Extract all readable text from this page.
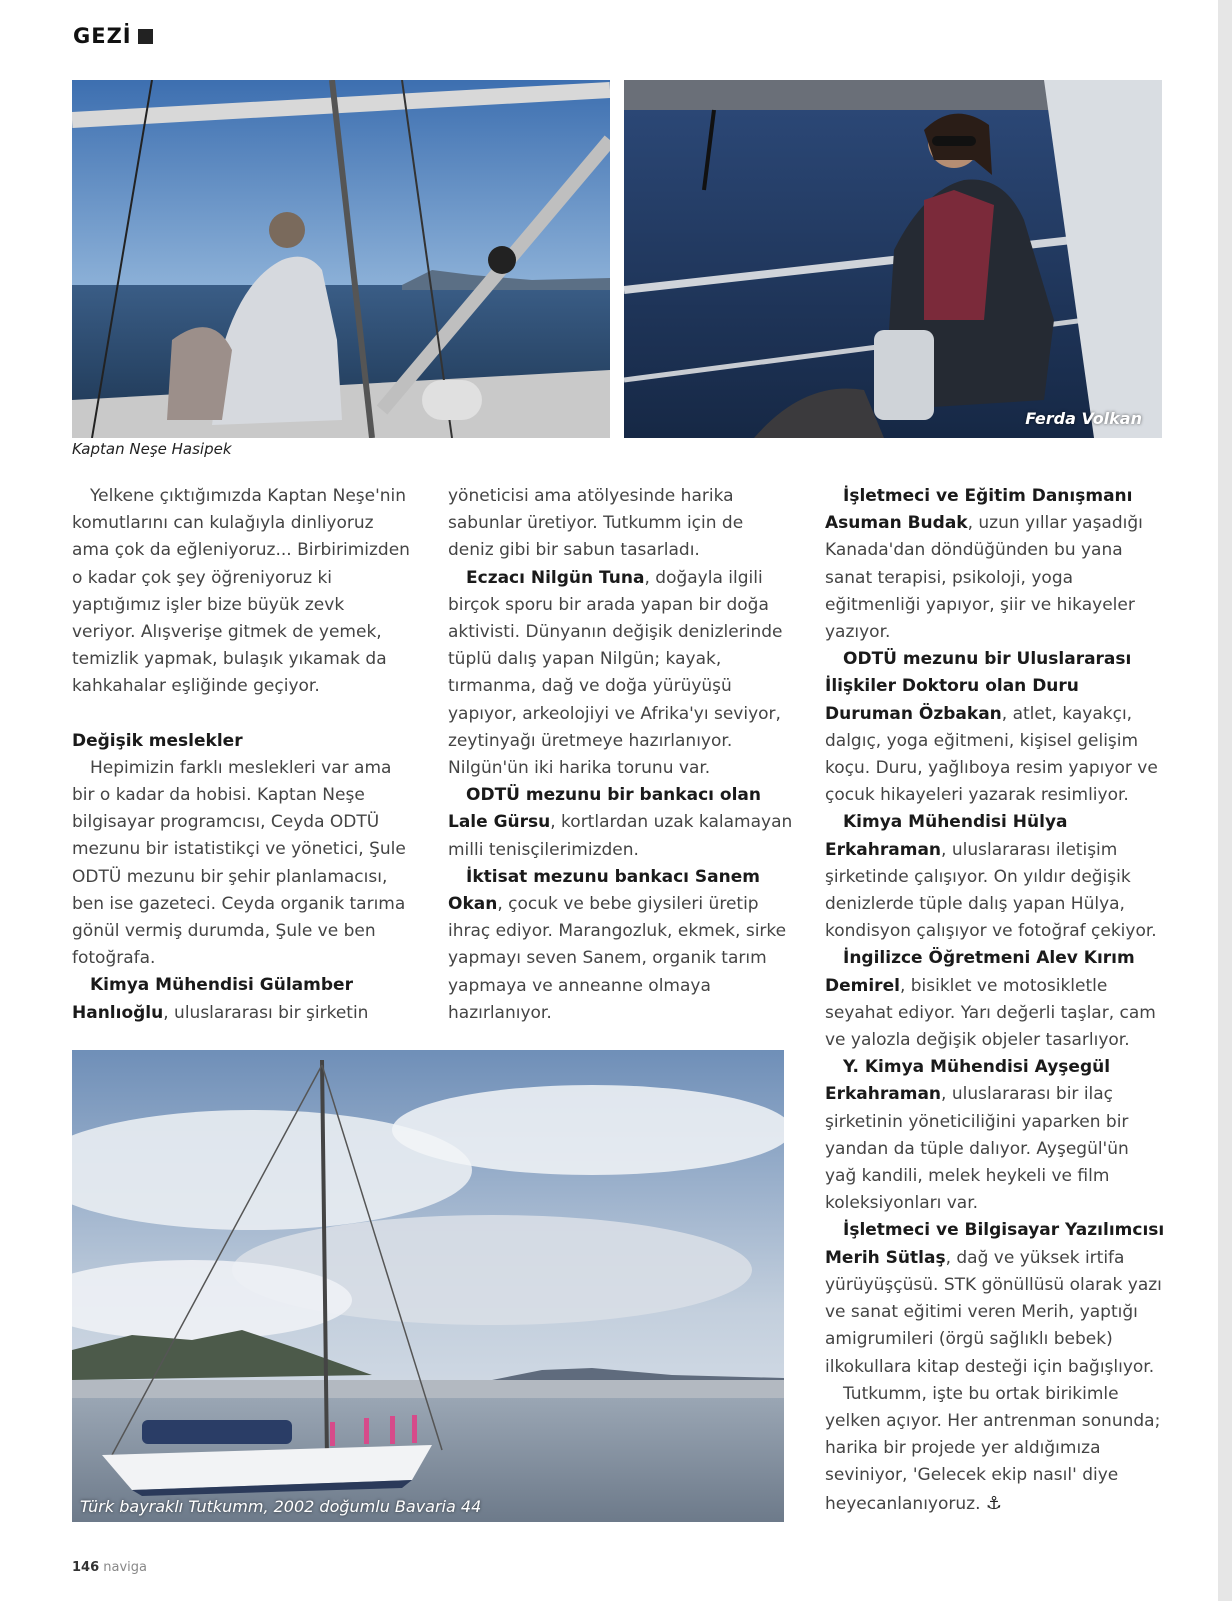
GEZİ
Kaptan Neşe Hasipek
Ferda Volkan

Yelkene çıktığımızda Kaptan Neşe'nin komutlarını can kulağıyla dinliyoruz ama çok da eğleniyoruz... Birbirimizden o kadar çok şey öğreniyoruz ki yaptığımız işler bize büyük zevk veriyor. Alışverişe gitmek de yemek, temizlik yapmak, bulaşık yıkamak da kahkahalar eşliğinde geçiyor.

Değişik meslekler

Hepimizin farklı meslekleri var ama bir o kadar da hobisi. Kaptan Neşe bilgisayar programcısı, Ceyda ODTÜ mezunu bir istatistikçi ve yönetici, Şule ODTÜ mezunu bir şehir planlamacısı, ben ise gazeteci. Ceyda organik tarıma gönül vermiş durumda, Şule ve ben fotoğrafa.

Kimya Mühendisi Gülamber Hanlıoğlu, uluslararası bir şirketin

yöneticisi ama atölyesinde harika sabunlar üretiyor. Tutkumm için de deniz gibi bir sabun tasarladı.

Eczacı Nilgün Tuna, doğayla ilgili birçok sporu bir arada yapan bir doğa aktivisti. Dünyanın değişik denizlerinde tüplü dalış yapan Nilgün; kayak, tırmanma, dağ ve doğa yürüyüşü yapıyor, arkeolojiyi ve Afrika'yı seviyor, zeytinyağı üretmeye hazırlanıyor. Nilgün'ün iki harika torunu var.

ODTÜ mezunu bir bankacı olan Lale Gürsu, kortlardan uzak kalamayan milli tenisçilerimizden.

İktisat mezunu bankacı Sanem Okan, çocuk ve bebe giysileri üretip ihraç ediyor. Marangozluk, ekmek, sirke yapmayı seven Sanem, organik tarım yapmaya ve anneanne olmaya hazırlanıyor.

İşletmeci ve Eğitim Danışmanı Asuman Budak, uzun yıllar yaşadığı Kanada'dan döndüğünden bu yana sanat terapisi, psikoloji, yoga eğitmenliği yapıyor, şiir ve hikayeler yazıyor.

ODTÜ mezunu bir Uluslararası İlişkiler Doktoru olan Duru Duruman Özbakan, atlet, kayakçı, dalgıç, yoga eğitmeni, kişisel gelişim koçu. Duru, yağlıboya resim yapıyor ve çocuk hikayeleri yazarak resimliyor.

Kimya Mühendisi Hülya Erkahraman, uluslararası iletişim şirketinde çalışıyor. On yıldır değişik denizlerde tüple dalış yapan Hülya, kondisyon çalışıyor ve fotoğraf çekiyor.

İngilizce Öğretmeni Alev Kırım Demirel, bisiklet ve motosikletle seyahat ediyor. Yarı değerli taşlar, cam ve yalozla değişik objeler tasarlıyor.

Y. Kimya Mühendisi Ayşegül Erkahraman, uluslararası bir ilaç şirketinin yöneticiliğini yaparken bir yandan da tüple dalıyor. Ayşegül'ün yağ kandili, melek heykeli ve film koleksiyonları var.

İşletmeci ve Bilgisayar Yazılımcısı Merih Sütlaş, dağ ve yüksek irtifa yürüyüşçüsü. STK gönüllüsü olarak yazı ve sanat eğitimi veren Merih, yaptığı amigrumileri (örgü sağlıklı bebek) ilkokullara kitap desteği için bağışlıyor.

Tutkumm, işte bu ortak birikimle yelken açıyor. Her antrenman sonunda; harika bir projede yer aldığımıza seviniyor, 'Gelecek ekip nasıl' diye heyecanlanıyoruz. ⚓

Türk bayraklı Tutkumm, 2002 doğumlu Bavaria 44
146 naviga
